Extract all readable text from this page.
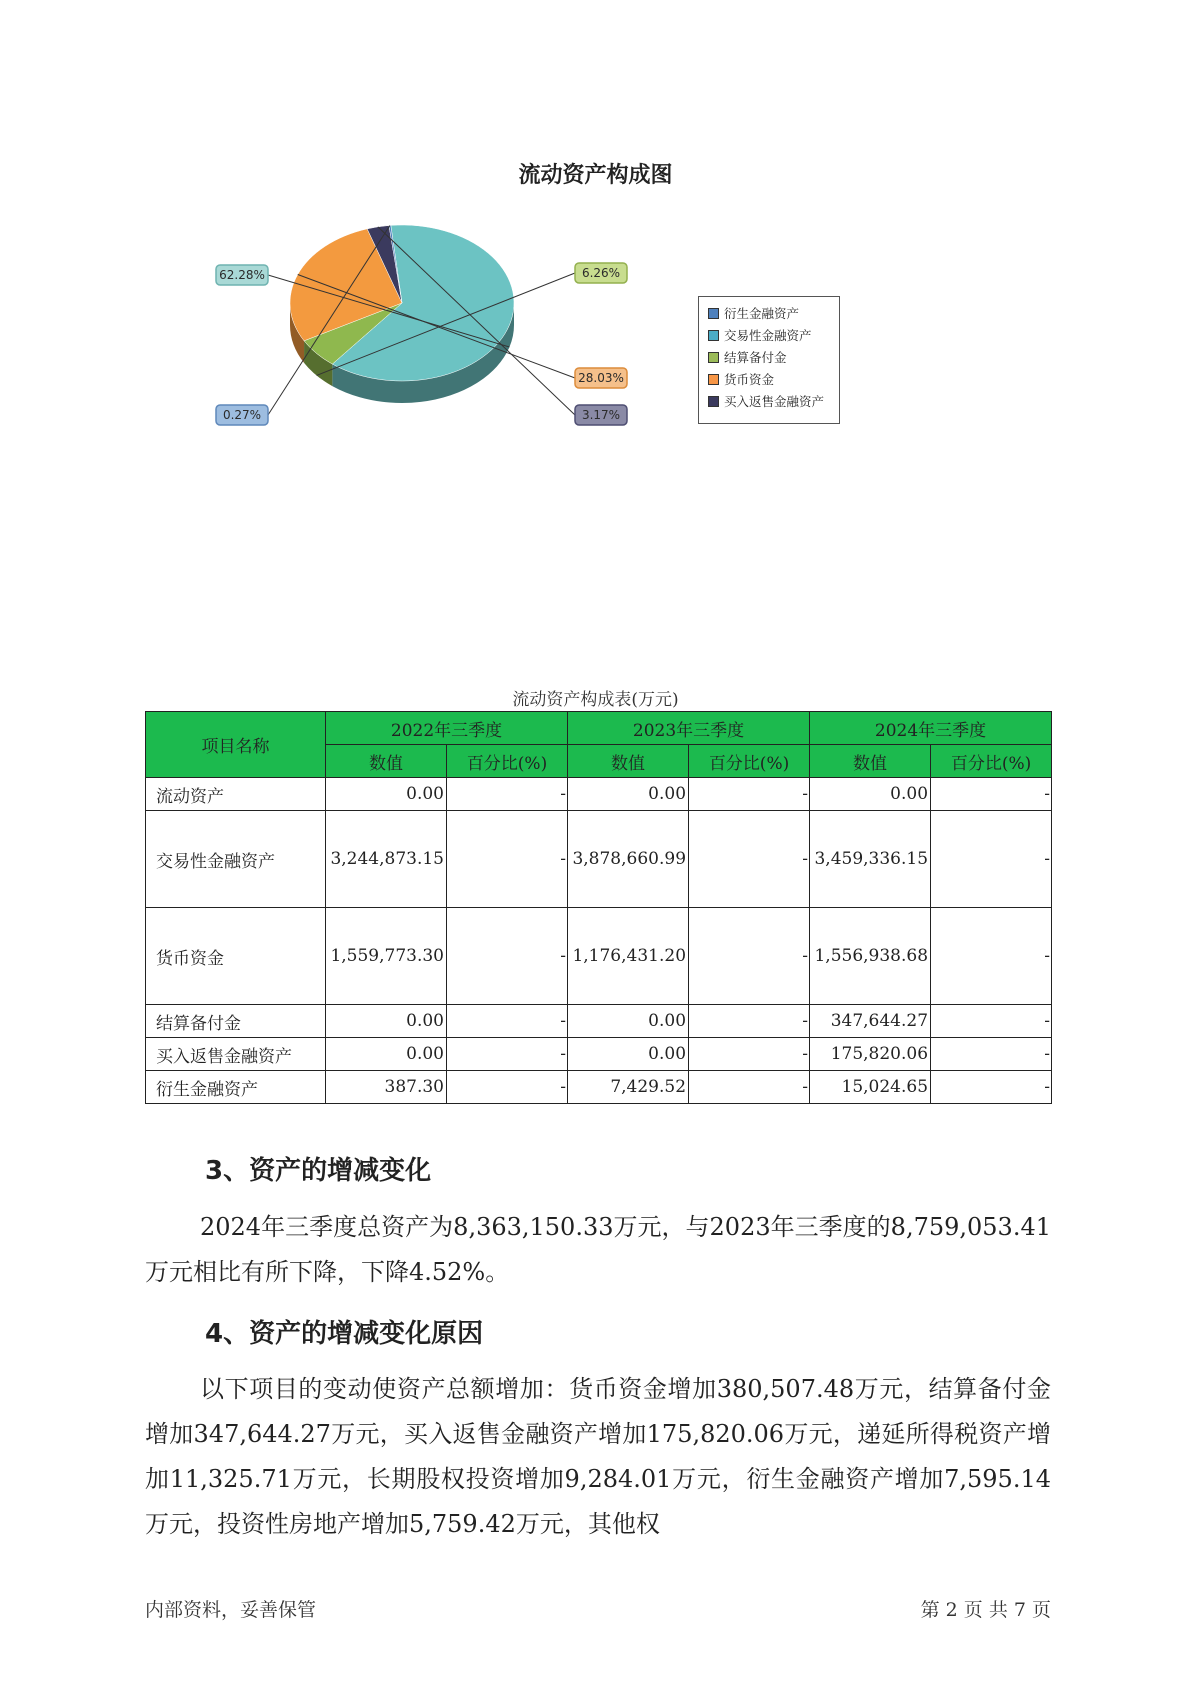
流动资产构成图
62.28%	6.26%
28.03%
3.17%
0.27%
衍生金融资产
交易性金融资产
结算备付金
货币资金
买入返售金融资产
流动资产构成表(万元)
项目名称	2022年三季度		2023年三季度		2024年三季度	
	数值	百分比(%)	数值	百分比(%)	数值	百分比(%)
流动资产	0.00	-	0.00	-	0.00	-
交易性金融资产	3,244,873.15	-	3,878,660.99	-	3,459,336.15	-
货币资金	1,559,773.30	-	1,176,431.20	-	1,556,938.68	-
结算备付金	0.00	-	0.00	-	347,644.27	-
买入返售金融资产	0.00	-	0.00	-	175,820.06	-
衍生金融资产	387.30	-	7,429.52	-	15,024.65	-
3、资产的增减变化
2024年三季度总资产为8,363,150.33万元，与2023年三季度的8,759,053.41万元相比有所下降，下降4.52%。
4、资产的增减变化原因
以下项目的变动使资产总额增加：货币资金增加380,507.48万元，结算备付金增加347,644.27万元，买入返售金融资产增加175,820.06万元，递延所得税资产增加11,325.71万元，长期股权投资增加9,284.01万元，衍生金融资产增加7,595.14万元，投资性房地产增加5,759.42万元，其他权
内部资料，妥善保管	第 2 页 共 7 页
